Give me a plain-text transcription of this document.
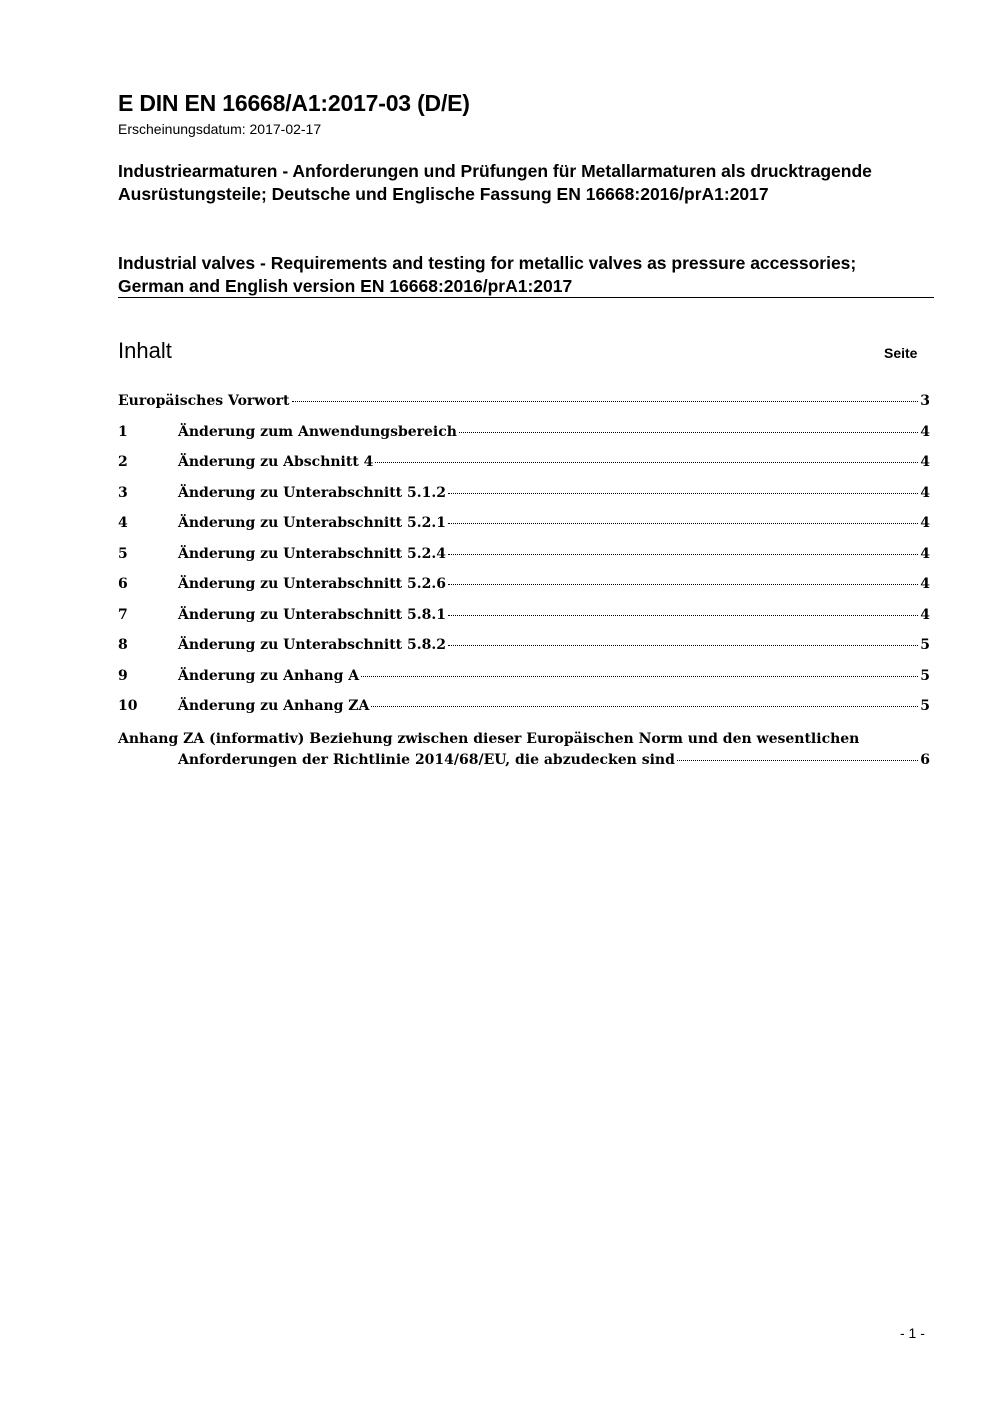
E DIN EN 16668/A1:2017-03 (D/E)
Erscheinungsdatum: 2017-02-17
Industriearmaturen - Anforderungen und Prüfungen für Metallarmaturen als drucktragende Ausrüstungsteile; Deutsche und Englische Fassung EN 16668:2016/prA1:2017
Industrial valves - Requirements and testing for metallic valves as pressure accessories; German and English version EN 16668:2016/prA1:2017
Inhalt	Seite
Europäisches Vorwort	3
1	Änderung zum Anwendungsbereich	4
2	Änderung zu Abschnitt 4	4
3	Änderung zu Unterabschnitt 5.1.2	4
4	Änderung zu Unterabschnitt 5.2.1	4
5	Änderung zu Unterabschnitt 5.2.4	4
6	Änderung zu Unterabschnitt 5.2.6	4
7	Änderung zu Unterabschnitt 5.8.1	4
8	Änderung zu Unterabschnitt 5.8.2	5
9	Änderung zu Anhang A	5
10	Änderung zu Anhang ZA	5
Anhang ZA (informativ) Beziehung zwischen dieser Europäischen Norm und den wesentlichen
Anforderungen der Richtlinie 2014/68/EU, die abzudecken sind	6
- 1 -
